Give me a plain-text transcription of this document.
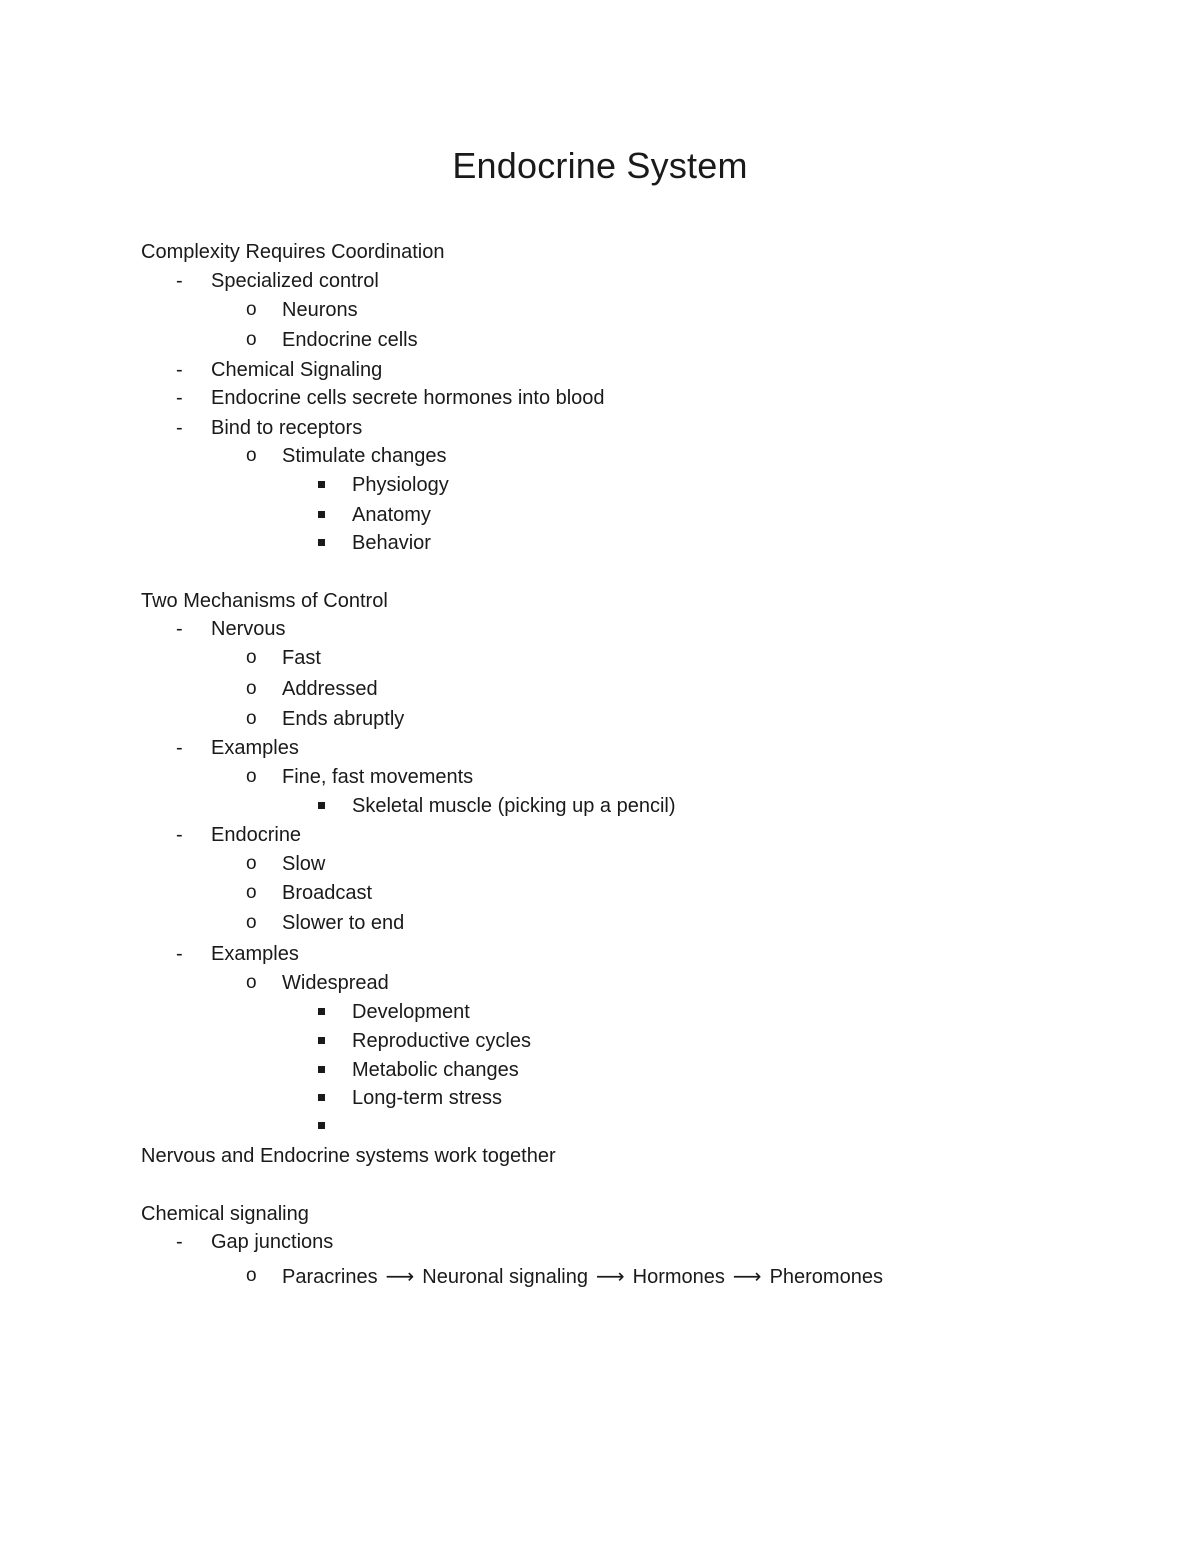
Endocrine System
Complexity Requires Coordination
- Specialized control
o Neurons
o Endocrine cells
- Chemical Signaling
- Endocrine cells secrete hormones into blood
- Bind to receptors
o Stimulate changes
Physiology
Anatomy
Behavior
Two Mechanisms of Control
- Nervous
o Fast
o Addressed
o Ends abruptly
- Examples
o Fine, fast movements
Skeletal muscle (picking up a pencil)
- Endocrine
o Slow
o Broadcast
o Slower to end
- Examples
o Widespread
Development
Reproductive cycles
Metabolic changes
Long-term stress
Nervous and Endocrine systems work together
Chemical signaling
- Gap junctions
o Paracrines ⟶ Neuronal signaling ⟶ Hormones ⟶ Pheromones
